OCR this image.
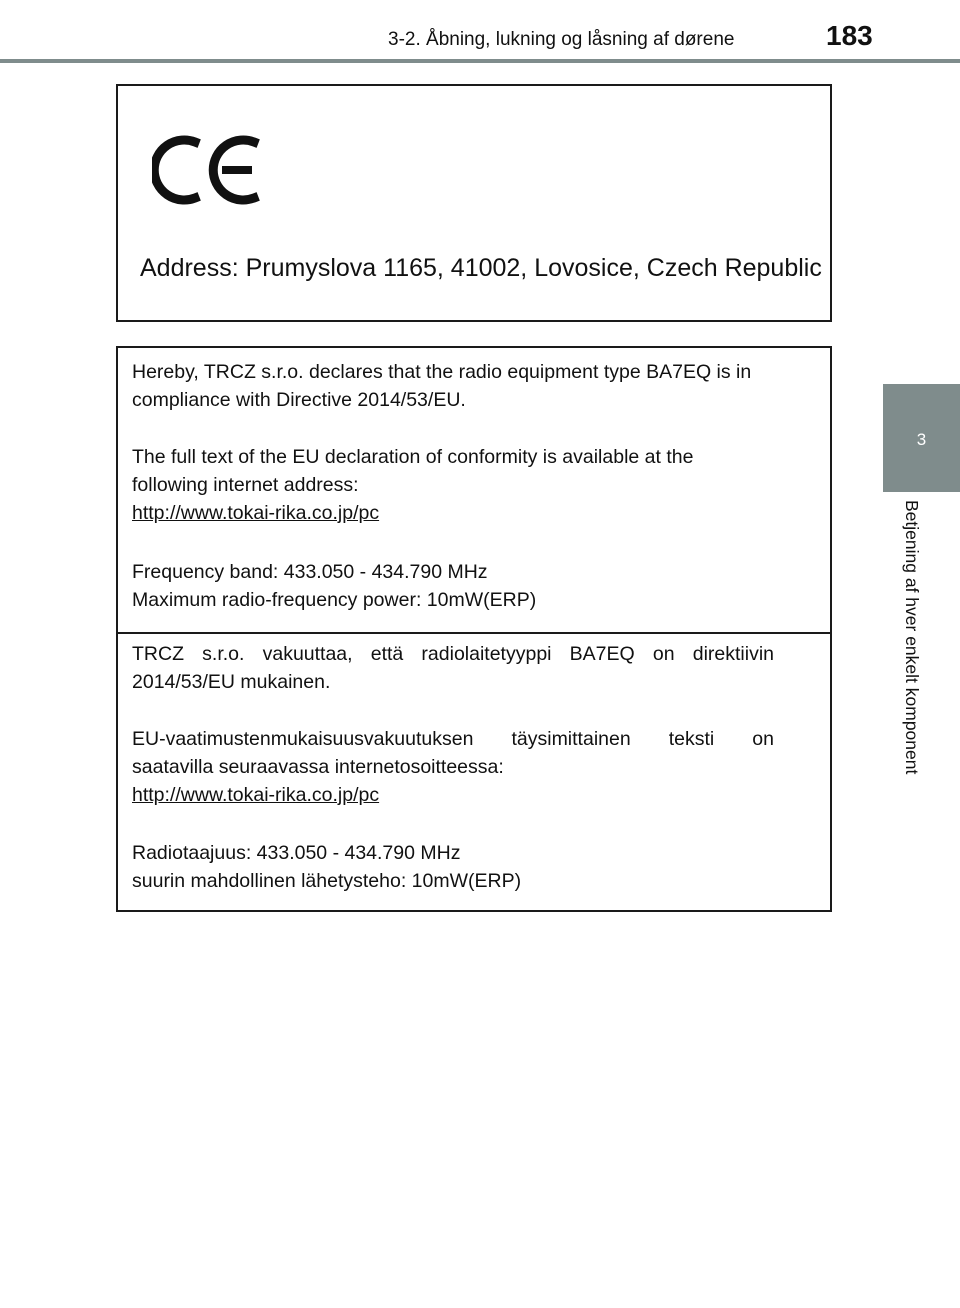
3-2. Åbning, lukning og låsning af dørene	183
3
Betjening af hver enkelt komponent
Address: Prumyslova 1165, 41002, Lovosice, Czech Republic
Hereby, TRCZ s.r.o. declares that the radio equipment type BA7EQ is in
compliance with Directive 2014/53/EU.
The full text of the EU declaration of conformity is available at the
following internet address:
http://www.tokai-rika.co.jp/pc
Frequency band: 433.050 - 434.790 MHz
Maximum radio-frequency power: 10mW(ERP)
TRCZ s.r.o. vakuuttaa, että radiolaitetyyppi BA7EQ on direktiivin
2014/53/EU mukainen.
EU-vaatimustenmukaisuusvakuutuksen täysimittainen teksti on
saatavilla seuraavassa internetosoitteessa:
http://www.tokai-rika.co.jp/pc
Radiotaajuus: 433.050 - 434.790 MHz
suurin mahdollinen lähetysteho: 10mW(ERP)
